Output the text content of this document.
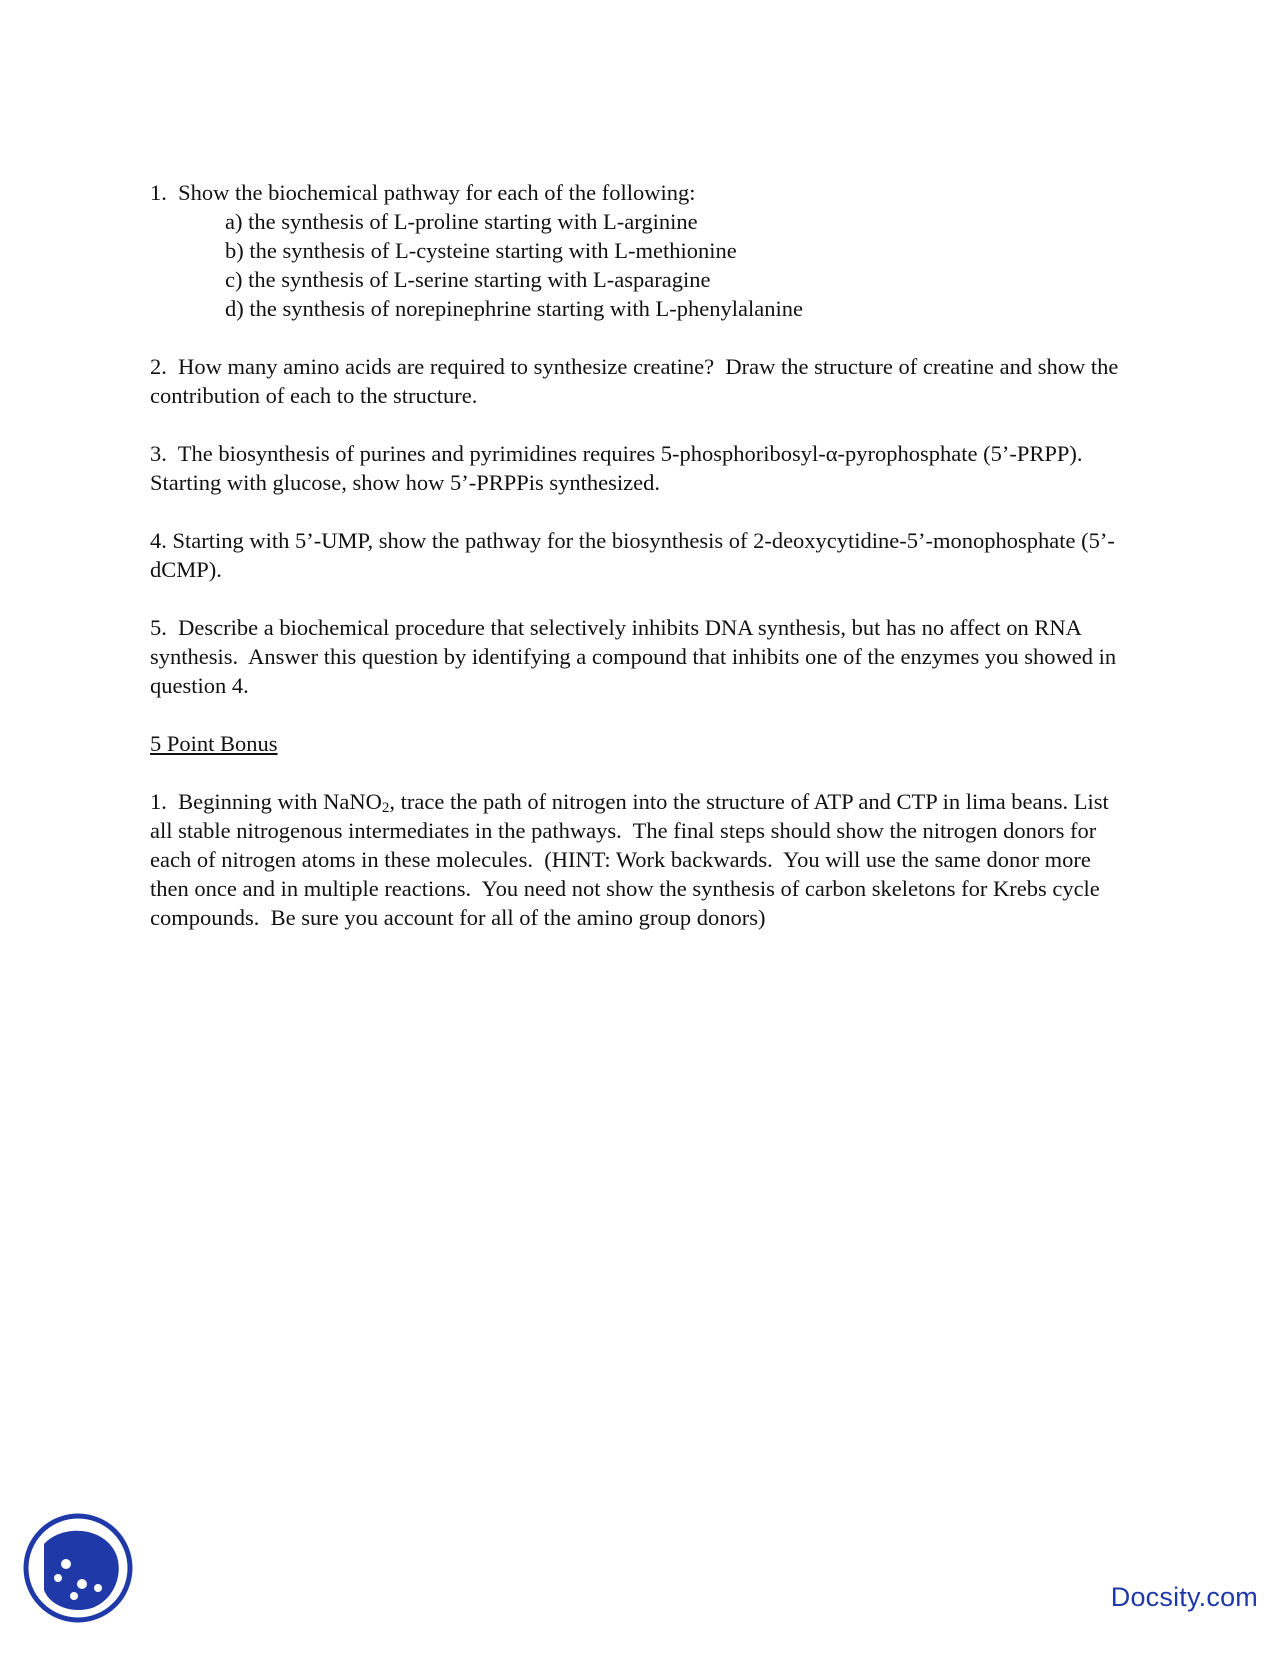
1.  Show the biochemical pathway for each of the following:

a) the synthesis of L-proline starting with L-arginine

b) the synthesis of L-cysteine starting with L-methionine

c) the synthesis of L-serine starting with L-asparagine

d) the synthesis of norepinephrine starting with L-phenylalanine

2.  How many amino acids are required to synthesize creatine?  Draw the structure of creatine and show the contribution of each to the structure.

3.  The biosynthesis of purines and pyrimidines requires 5-phosphoribosyl-α-pyrophosphate (5’-PRPP).  Starting with glucose, show how 5’-PRPPis synthesized.

4. Starting with 5’-UMP, show the pathway for the biosynthesis of 2-deoxycytidine-5’-monophosphate (5’-dCMP).

5.  Describe a biochemical procedure that selectively inhibits DNA synthesis, but has no affect on RNA synthesis.  Answer this question by identifying a compound that inhibits one of the enzymes you showed in question 4.

5 Point Bonus

1.  Beginning with NaNO$_2$, trace the path of nitrogen into the structure of ATP and CTP in lima beans. List all stable nitrogenous intermediates in the pathways.  The final steps should show the nitrogen donors for each of nitrogen atoms in these molecules.  (HINT: Work backwards.  You will use the same donor more then once and in multiple reactions.  You need not show the synthesis of carbon skeletons for Krebs cycle compounds.  Be sure you account for all of the amino group donors)

Docsity.com
